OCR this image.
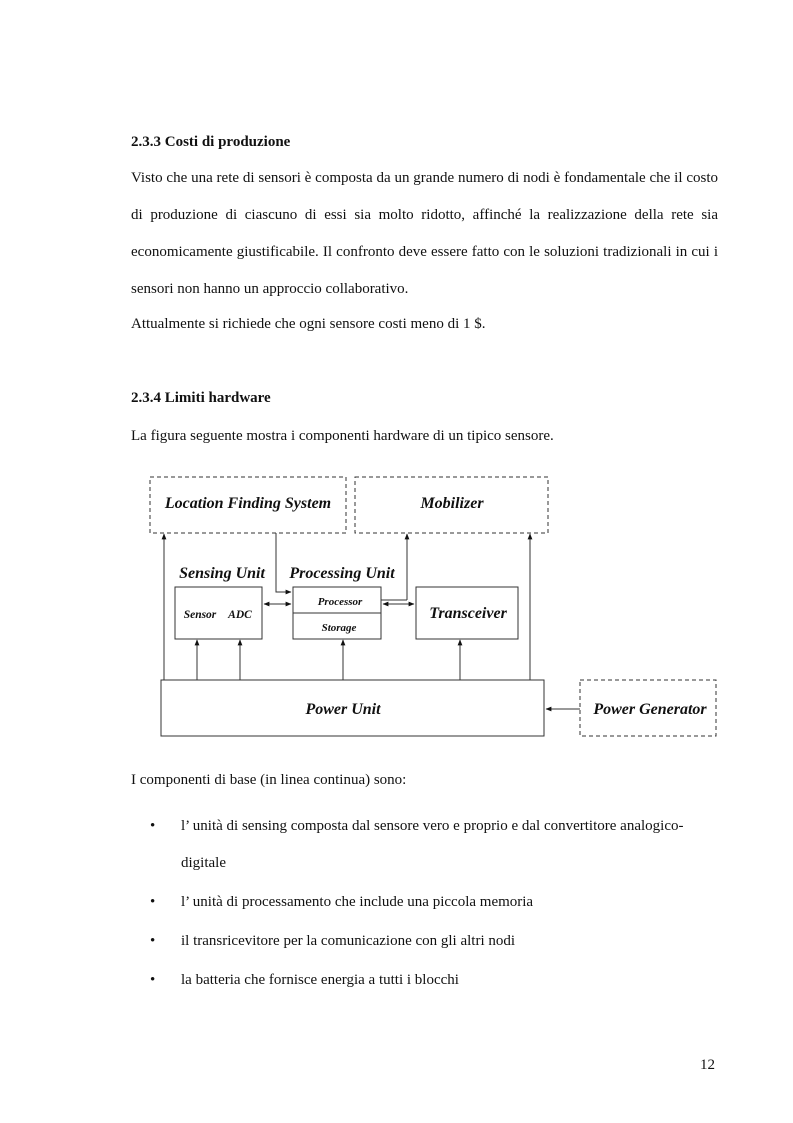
2.3.3 Costi di produzione

Visto che una rete di sensori è composta da un grande numero di nodi è fondamentale che il costo di produzione di ciascuno di essi sia molto ridotto, affinché la realizzazione della rete sia economicamente giustificabile. Il confronto deve essere fatto con le soluzioni tradizionali in cui i sensori non hanno un approccio collaborativo.

Attualmente si richiede che ogni sensore costi meno di 1 $.

2.3.4 Limiti hardware

La figura seguente mostra i componenti hardware di un tipico sensore.

Location Finding System	Mobilizer
Power Generator
Sensing Unit Processing Unit
Sensor ADC
Processor
Storage
Transceiver
Power Unit

I componenti di base (in linea continua) sono:

• l’ unità di sensing composta dal sensore vero e proprio e dal convertitore analogico-digitale
• l’ unità di processamento che include una piccola memoria
• il transricevitore per la comunicazione con gli altri nodi
• la batteria che fornisce energia a tutti i blocchi

12
